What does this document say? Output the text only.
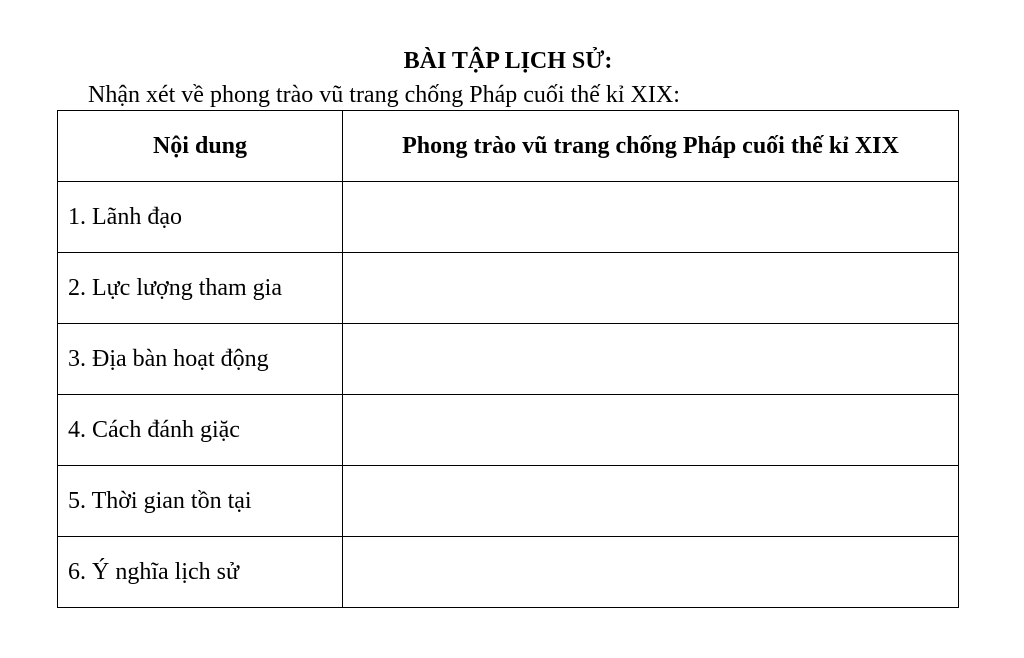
BÀI TẬP LỊCH SỬ:
Nhận xét về phong trào vũ trang chống Pháp cuối thế kỉ XIX:
Nội dung	Phong trào vũ trang chống Pháp cuối thế kỉ XIX
1. Lãnh đạo	
2. Lực lượng tham gia	
3. Địa bàn hoạt động	
4. Cách đánh giặc	
5. Thời gian tồn tại	
6. Ý nghĩa lịch sử	
